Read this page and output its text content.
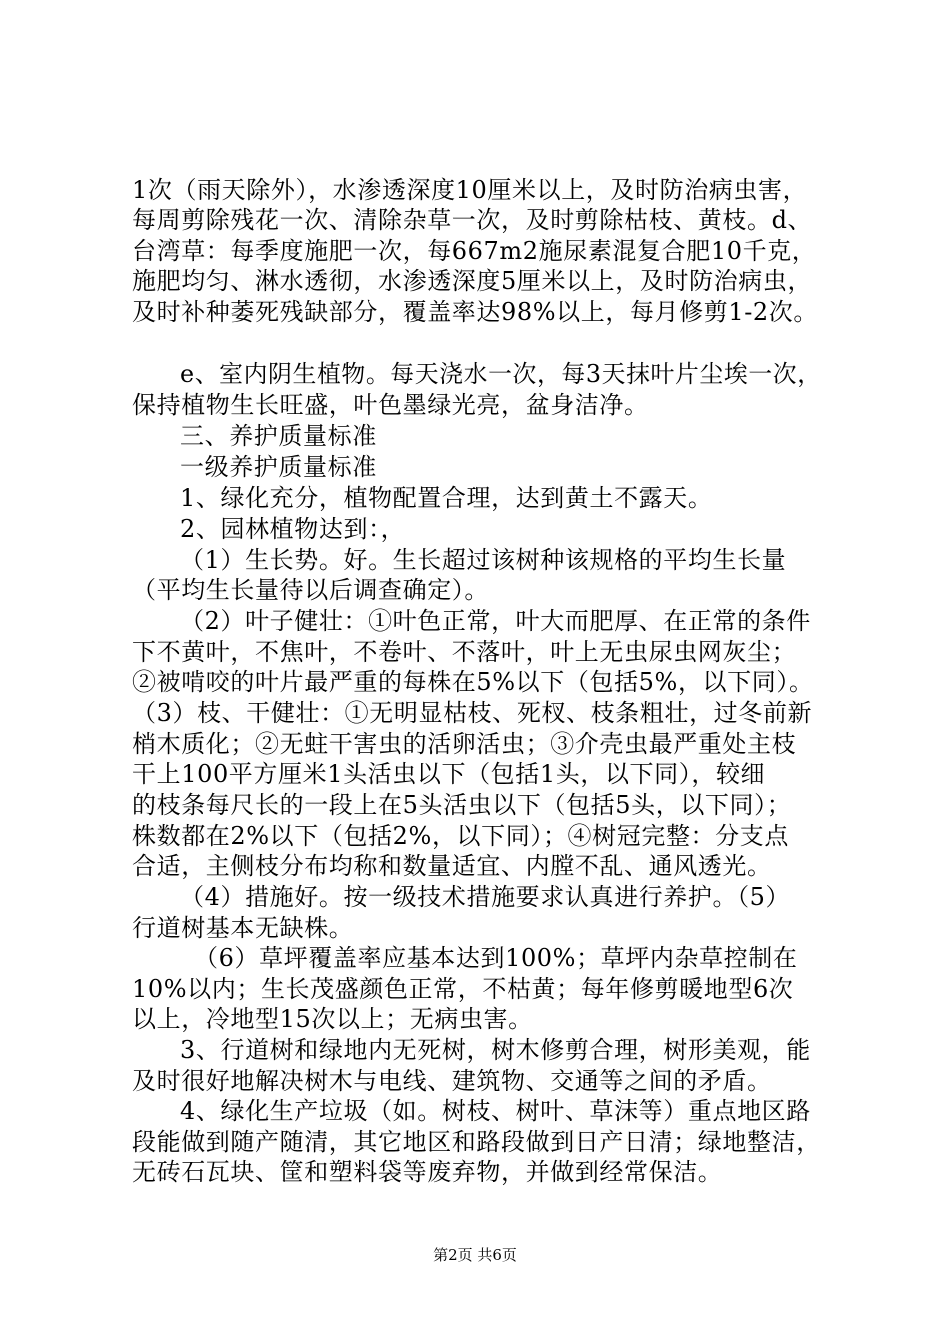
1次（雨天除外），水渗透深度10厘米以上，及时防治病虫害，
每周剪除残花一次、清除杂草一次，及时剪除枯枝、黄枝。d、
台湾草：每季度施肥一次，每667m2施尿素混复合肥10千克，
施肥均匀、淋水透彻，水渗透深度5厘米以上，及时防治病虫，
及时补种萎死残缺部分，覆盖率达98%以上，每月修剪1-2次。
e、室内阴生植物。每天浇水一次，每3天抹叶片尘埃一次，
保持植物生长旺盛，叶色墨绿光亮，盆身洁净。
三、养护质量标准
一级养护质量标准
1、绿化充分，植物配置合理，达到黄土不露天。
2、园林植物达到：，
（1）生长势。好。生长超过该树种该规格的平均生长量
（平均生长量待以后调查确定）。
（2）叶子健壮：①叶色正常，叶大而肥厚、在正常的条件
下不黄叶，不焦叶，不卷叶、不落叶，叶上无虫尿虫网灰尘；
②被啃咬的叶片最严重的每株在5%以下（包括5%，以下同）。
（3）枝、干健壮：①无明显枯枝、死杈、枝条粗壮，过冬前新
梢木质化；②无蛀干害虫的活卵活虫；③介壳虫最严重处主枝
干上100平方厘米1头活虫以下（包括1头，以下同），较细
的枝条每尺长的一段上在5头活虫以下（包括5头，以下同）；
株数都在2%以下（包括2%，以下同）；④树冠完整：分支点
合适，主侧枝分布均称和数量适宜、内膛不乱、通风透光。
（4）措施好。按一级技术措施要求认真进行养护。（5）
行道树基本无缺株。
（6）草坪覆盖率应基本达到100%；草坪内杂草控制在
10%以内；生长茂盛颜色正常，不枯黄；每年修剪暖地型6次
以上，冷地型15次以上；无病虫害。
3、行道树和绿地内无死树，树木修剪合理，树形美观，能
及时很好地解决树木与电线、建筑物、交通等之间的矛盾。
4、绿化生产垃圾（如。树枝、树叶、草沫等）重点地区路
段能做到随产随清，其它地区和路段做到日产日清；绿地整洁，
无砖石瓦块、筐和塑料袋等废弃物，并做到经常保洁。
第2页 共6页
